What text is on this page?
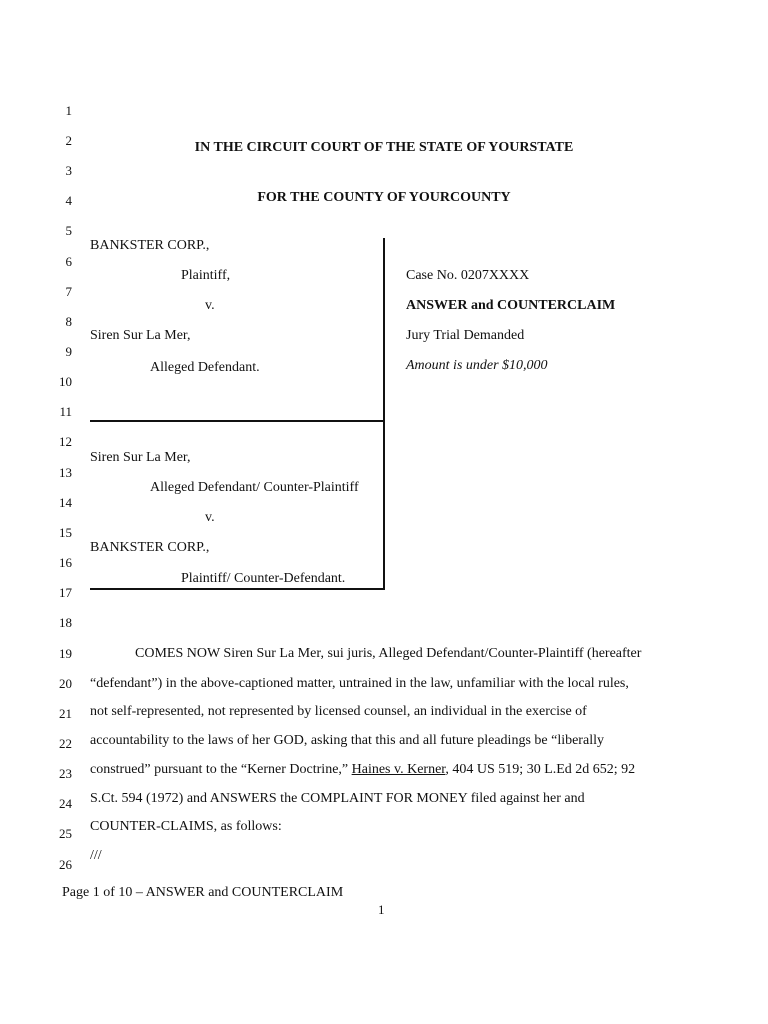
1
2
3
4
5
6
7
8
9
10
11
12
13
14
15
16
17
18
19
20
21
22
23
24
25
26
IN THE CIRCUIT COURT OF THE STATE OF YOURSTATE
FOR THE COUNTY OF YOURCOUNTY
BANKSTER CORP.,
Plaintiff,
v.
Siren Sur La Mer,
Alleged Defendant.
Siren Sur La Mer,
Alleged Defendant/ Counter-Plaintiff
v.
BANKSTER CORP.,
Plaintiff/ Counter-Defendant.
Case No. 0207XXXX
ANSWER and COUNTERCLAIM
Jury Trial Demanded
Amount is under $10,000
COMES NOW Siren Sur La Mer, sui juris, Alleged Defendant/Counter-Plaintiff (hereafter
“defendant”) in the above-captioned matter, untrained in the law, unfamiliar with the local rules,
not self-represented, not represented by licensed counsel, an individual in the exercise of
accountability to the laws of her GOD, asking that this and all future pleadings be “liberally
construed” pursuant to the “Kerner Doctrine,” Haines v. Kerner, 404 US 519; 30 L.Ed 2d 652; 92
S.Ct. 594 (1972) and ANSWERS the COMPLAINT FOR MONEY filed against her and
COUNTER-CLAIMS, as follows:
///
Page 1 of 10 – ANSWER and COUNTERCLAIM
1
